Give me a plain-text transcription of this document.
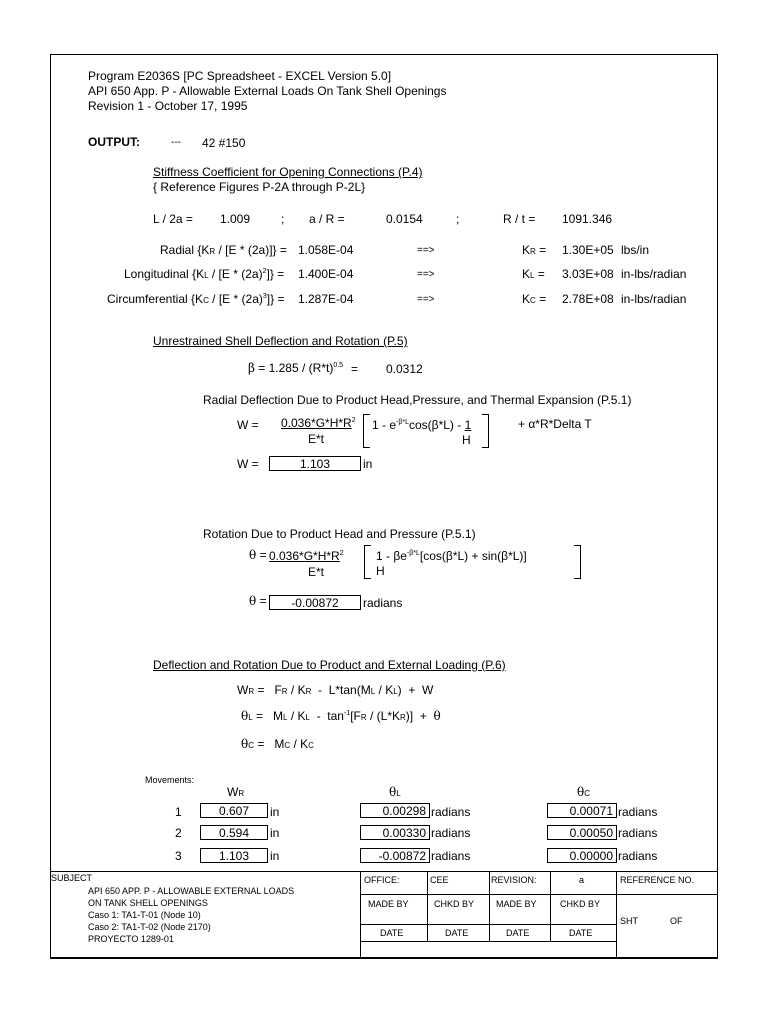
Program E2036S [PC Spreadsheet - EXCEL Version 5.0]
API 650 App. P - Allowable External Loads On Tank Shell Openings
Revision 1 - October 17, 1995
OUTPUT:	--- 42 #150
Stiffness Coefficient for Opening Connections (P.4)
{ Reference Figures P-2A through P-2L}
L / 2a = 1.009	; a / R =	0.0154	;	R / t = 1091.346
Radial {KR / [E * (2a)]} = 1.058E-04	==>	KR = 1.30E+05 lbs/in
Longitudinal $\{KL / [E * (2a)^2]\} = 1.400E-04$	==>	KL = 3.03E+08 in-lbs/radian
Circumferential $\{KC / [E * (2a)^3]\} = 1.287E-04$	==>	KC = 2.78E+08 in-lbs/radian
Unrestrained Shell Deflection and Rotation (P.5)
$\beta = 1.285 / (R*t)^{0.5} = 0.0312$
Radial Deflection Due to Product Head,Pressure, and Thermal Expansion (P.5.1)
$W = 0.036*G*H*R^2$
E*t
$1 - e^{-\beta*L}\cos(\beta*L) - 1$
H
+ α*R*Delta T
W =	1.103	in
Rotation Due to Product Head and Pressure (P.5.1)
$\theta = 0.036*G*H*R^2$
E*t
$1 - \beta e^{-\beta*L}[\cos(\beta*L) + \sin(\beta*L)]$
H
θ =	-0.00872	radians
Deflection and Rotation Due to Product and External Loading (P.6)
WR =   FR / KR  -  L*tan(ML / KL)  +  W
θL =   ML / KL  -  $\tan^{-1}[FR / (L*KR)] + \theta$
θC =   MC / KC
Movements:
WR	θL	θC
1	0.607	in	0.00298 radians	0.00071 radians
2	0.594	in	0.00330 radians	0.00050 radians
3	1.103	in	-0.00872 radians	0.00000 radians
SUBJECT
API 650 APP. P - ALLOWABLE EXTERNAL LOADS
ON TANK SHELL OPENINGS
Caso 1: TA1-T-01 (Node 10)
Caso 2: TA1-T-02 (Node 2170)
PROYECTO 1289-01
OFFICE:	CEE	REVISION:	a	REFERENCE NO.
MADE BY	CHKD BY MADE BY	CHKD BY
DATE	DATE	DATE	DATE
SHT	OF
